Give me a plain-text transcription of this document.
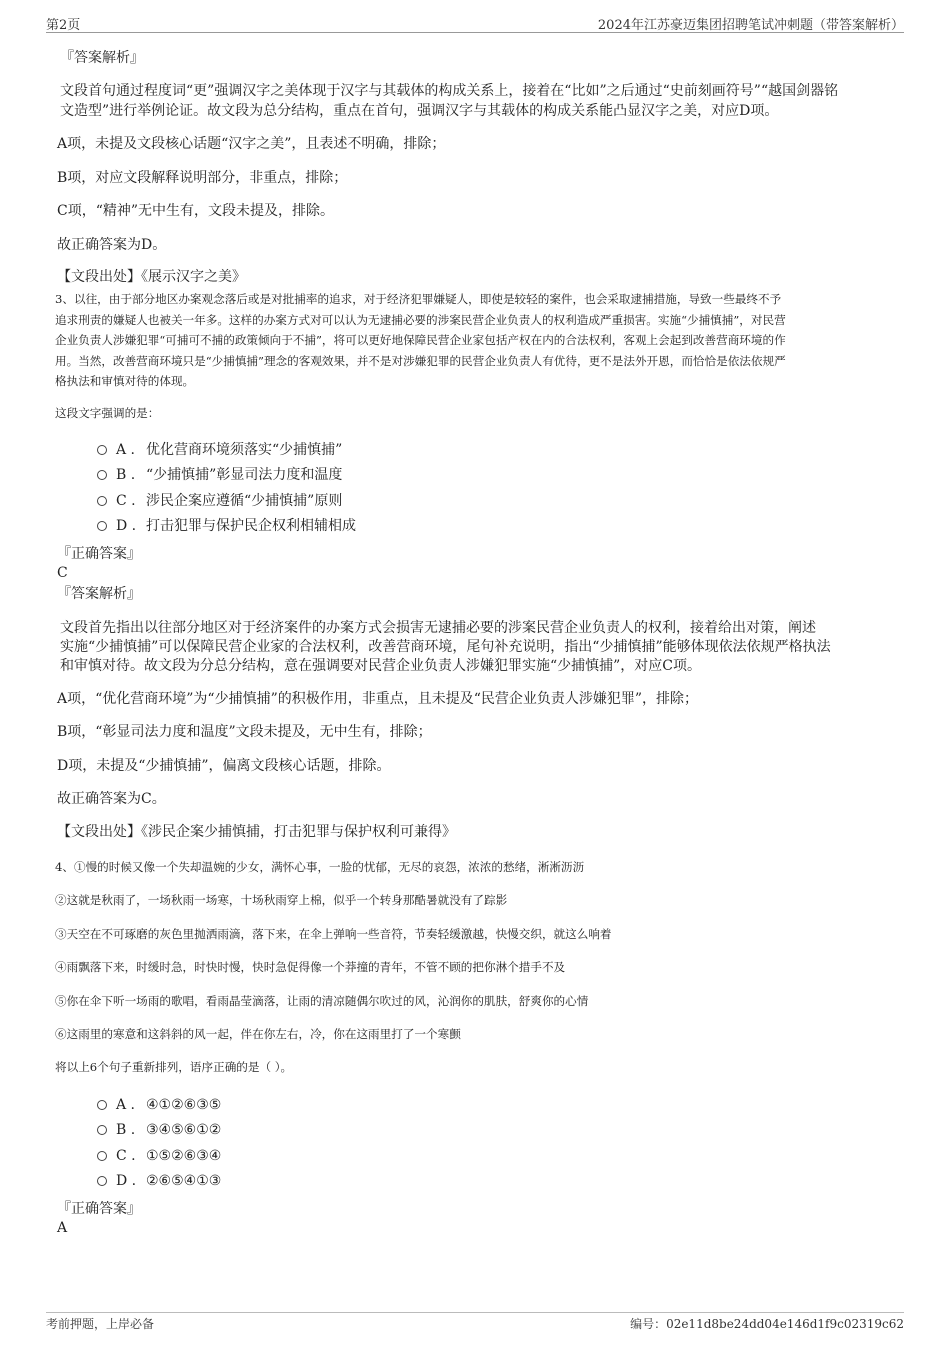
第2页	2024年江苏豪迈集团招聘笔试冲刺题（带答案解析）
『答案解析』
文段首句通过程度词“更”强调汉字之美体现于汉字与其载体的构成关系上，接着在“比如”之后通过“史前刻画符号”“越国剑器铭
文造型”进行举例论证。故文段为总分结构，重点在首句，强调汉字与其载体的构成关系能凸显汉字之美，对应D项。
A项，未提及文段核心话题“汉字之美”，且表述不明确，排除；
B项，对应文段解释说明部分，非重点，排除；
C项，“精神”无中生有，文段未提及，排除。
故正确答案为D。
【文段出处】《展示汉字之美》
3、以往，由于部分地区办案观念落后或是对批捕率的追求，对于经济犯罪嫌疑人，即使是较轻的案件，也会采取逮捕措施，导致一些最终不予
追求刑责的嫌疑人也被关一年多。这样的办案方式对可以认为无逮捕必要的涉案民营企业负责人的权利造成严重损害。实施“少捕慎捕”，对民营
企业负责人涉嫌犯罪“可捕可不捕的政策倾向于不捕”，将可以更好地保障民营企业家包括产权在内的合法权利，客观上会起到改善营商环境的作
用。当然，改善营商环境只是“少捕慎捕”理念的客观效果，并不是对涉嫌犯罪的民营企业负责人有优待，更不是法外开恩，而恰恰是依法依规严
格执法和审慎对待的体现。
这段文字强调的是：
A . 优化营商环境须落实“少捕慎捕”
B . “少捕慎捕”彰显司法力度和温度
C . 涉民企案应遵循“少捕慎捕”原则
D . 打击犯罪与保护民企权利相辅相成
『正确答案』
C
『答案解析』
文段首先指出以往部分地区对于经济案件的办案方式会损害无逮捕必要的涉案民营企业负责人的权利，接着给出对策，阐述
实施“少捕慎捕”可以保障民营企业家的合法权利，改善营商环境，尾句补充说明，指出“少捕慎捕”能够体现依法依规严格执法
和审慎对待。故文段为分总分结构，意在强调要对民营企业负责人涉嫌犯罪实施“少捕慎捕”，对应C项。
A项，“优化营商环境”为“少捕慎捕”的积极作用，非重点，且未提及“民营企业负责人涉嫌犯罪”，排除；
B项，“彰显司法力度和温度”文段未提及，无中生有，排除；
D项，未提及“少捕慎捕”，偏离文段核心话题，排除。
故正确答案为C。
【文段出处】《涉民企案少捕慎捕，打击犯罪与保护权利可兼得》
4、①慢的时候又像一个失却温婉的少女，满怀心事，一脸的忧郁，无尽的哀怨，浓浓的愁绪，淅淅沥沥
②这就是秋雨了，一场秋雨一场寒，十场秋雨穿上棉，似乎一个转身那酷暑就没有了踪影
③天空在不可琢磨的灰色里抛洒雨滴，落下来，在伞上弹响一些音符，节奏轻缓激越，快慢交织，就这么响着
④雨飘落下来，时缓时急，时快时慢，快时急促得像一个莽撞的青年，不管不顾的把你淋个措手不及
⑤你在伞下听一场雨的歌唱，看雨晶莹滴落，让雨的清凉随偶尔吹过的风，沁润你的肌肤，舒爽你的心情
⑥这雨里的寒意和这斜斜的风一起，伴在你左右，冷，你在这雨里打了一个寒颤
将以上6个句子重新排列，语序正确的是（ ）。
A . ④①②⑥③⑤
B . ③④⑤⑥①②
C . ①⑤②⑥③④
D . ②⑥⑤④①③
『正确答案』
A
考前押题，上岸必备	编号：02e11d8be24dd04e146d1f9c02319c62
